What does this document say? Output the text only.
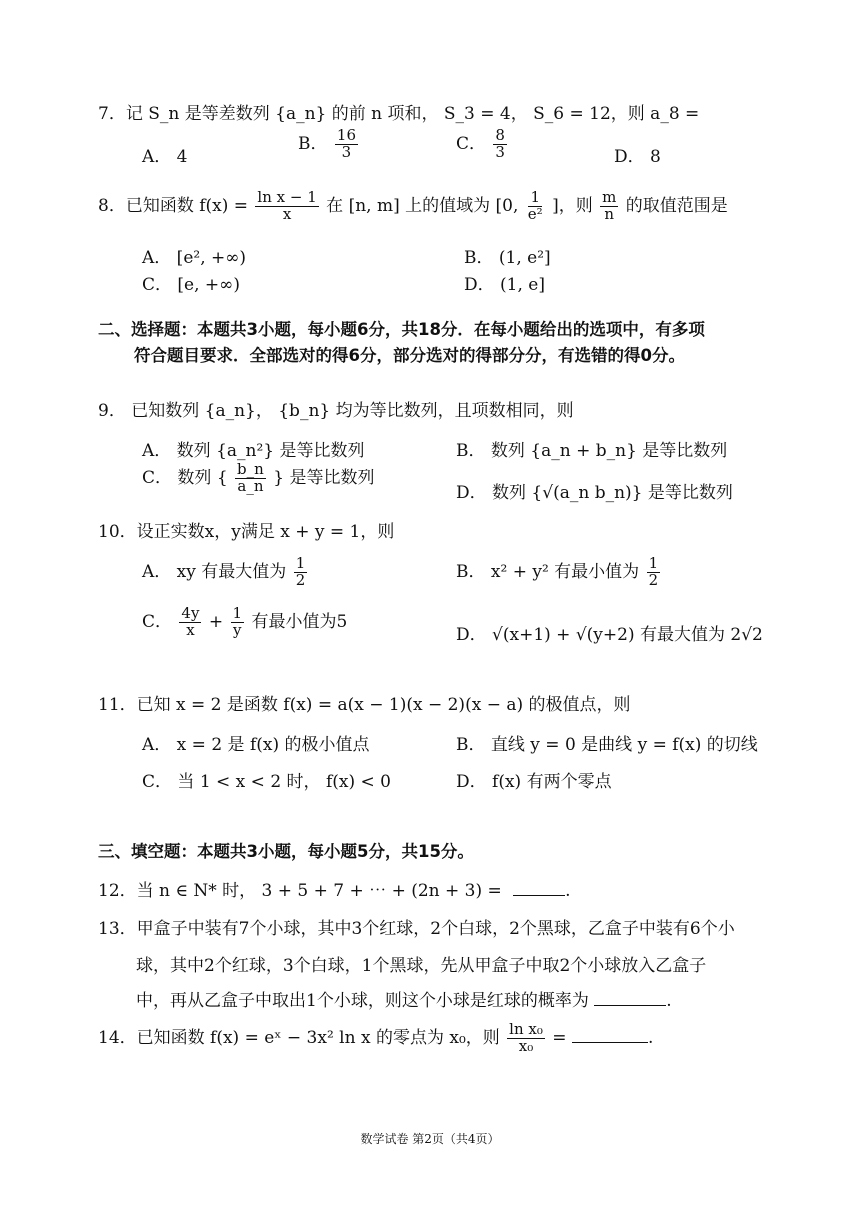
7．记 S_n 是等差数列 {a_n} 的前 n 项和， S_3 = 4， S_6 = 12，则 a_8 =
A． 4
B． $\frac{16}{3}$	C． $\frac{8}{3}$	D． 8
8．已知函数 $f(x) = \frac{\text{ln x − 1}}{x}$ 在 [n, m] 上的值域为 [0, $\frac{1}{\text{e²}}$ ]，则 $\frac{m}{n}$ 的取值范围是
A． [e², +∞)	B． (1, e²]
C． [e, +∞)	D． (1, e]
二、选择题：本题共3小题，每小题6分，共18分．在每小题给出的选项中，有多项
符合题目要求．全部选对的得6分，部分选对的得部分分，有选错的得0分。
9． 已知数列 {a_n}， {b_n} 均为等比数列，且项数相同，则
A． 数列 {a_n²} 是等比数列	B． 数列 {a_n + b_n} 是等比数列
C． 数列 { $\frac{b\_n}{a\_n}$ } 是等比数列
D． 数列 {√(a_n b_n)} 是等比数列
10．设正实数x，y满足 x + y = 1，则
A． xy 有最大值为 $\frac{1}{2}$	B． x² + y² 有最小值为 $\frac{1}{2}$
C． $\frac{4y}{x} + \frac{1}{y}$ 有最小值为5
D． √(x+1) + √(y+2) 有最大值为 2√2
11．已知 x = 2 是函数 f(x) = a(x − 1)(x − 2)(x − a) 的极值点，则
A． x = 2 是 f(x) 的极小值点	B． 直线 y = 0 是曲线 y = f(x) 的切线
C． 当 1 < x < 2 时， f(x) < 0	D． f(x) 有两个零点
三、填空题：本题共3小题，每小题5分，共15分。
12．当 n ∈ N* 时， 3 + 5 + 7 + ⋯ + (2n + 3) =	.
13．甲盒子中装有7个小球，其中3个红球，2个白球，2个黑球，乙盒子中装有6个小
球，其中2个红球，3个白球，1个黑球，先从甲盒子中取2个小球放入乙盒子
中，再从乙盒子中取出1个小球，则这个小球是红球的概率为	.
14．已知函数 f(x) = eˣ − 3x² ln x 的零点为 x₀，则 $\frac{\text{ln x₀}}{\text{x₀}}$ =	.
数学试卷 第2页（共4页）
